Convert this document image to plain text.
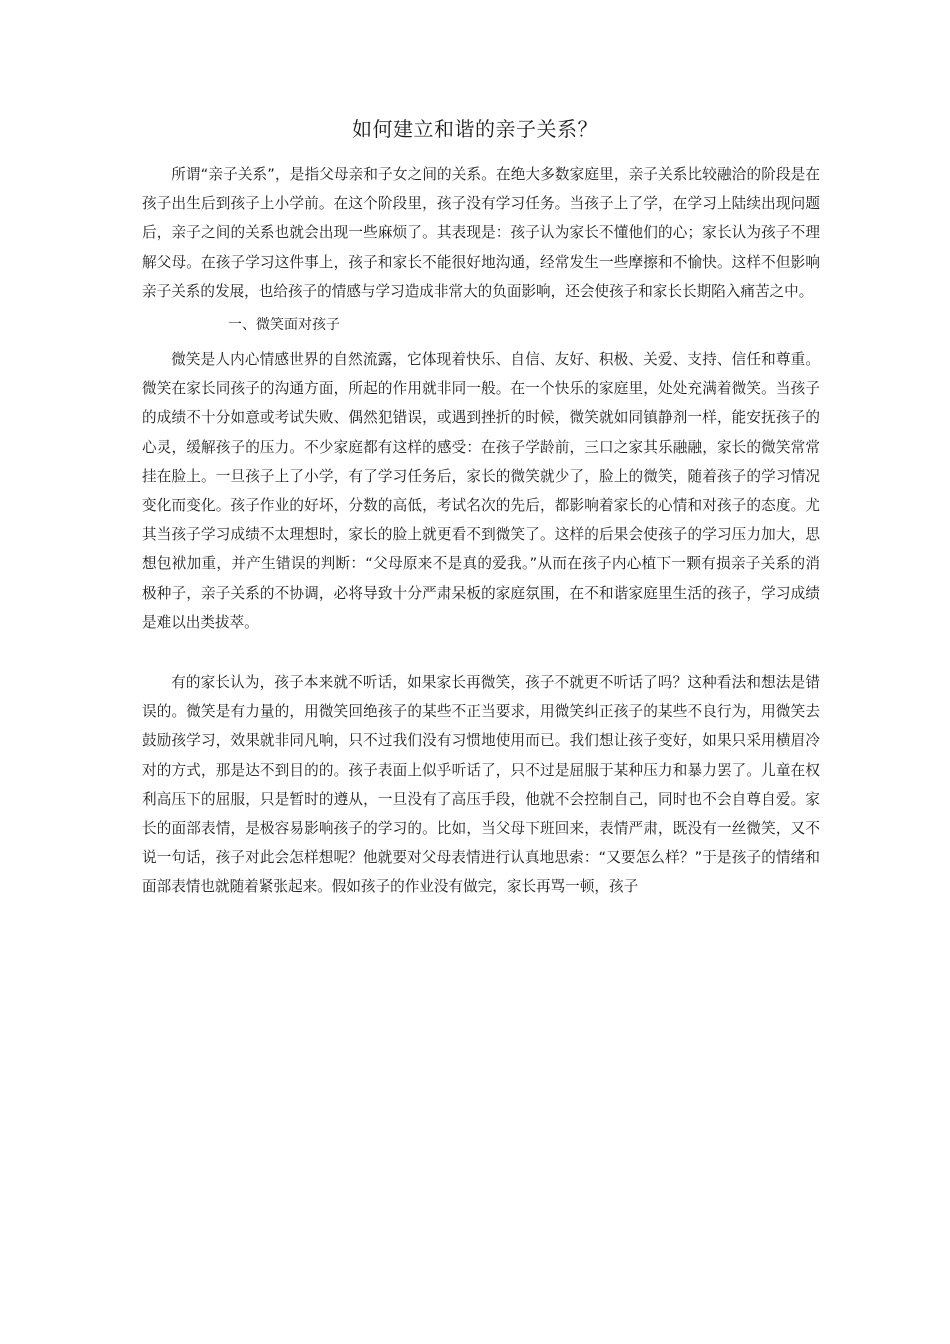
如何建立和谐的亲子关系？

所谓“亲子关系”，是指父母亲和子女之间的关系。在绝大多数家庭里，亲子关系比较融洽的阶段是在孩子出生后到孩子上小学前。在这个阶段里，孩子没有学习任务。当孩子上了学，在学习上陆续出现问题后，亲子之间的关系也就会出现一些麻烦了。其表现是：孩子认为家长不懂他们的心；家长认为孩子不理解父母。在孩子学习这件事上，孩子和家长不能很好地沟通，经常发生一些摩擦和不愉快。这样不但影响亲子关系的发展，也给孩子的情感与学习造成非常大的负面影响，还会使孩子和家长长期陷入痛苦之中。

一、微笑面对孩子

微笑是人内心情感世界的自然流露，它体现着快乐、自信、友好、积极、关爱、支持、信任和尊重。微笑在家长同孩子的沟通方面，所起的作用就非同一般。在一个快乐的家庭里，处处充满着微笑。当孩子的成绩不十分如意或考试失败、偶然犯错误，或遇到挫折的时候，微笑就如同镇静剂一样，能安抚孩子的心灵，缓解孩子的压力。不少家庭都有这样的感受：在孩子学龄前，三口之家其乐融融，家长的微笑常常挂在脸上。一旦孩子上了小学，有了学习任务后，家长的微笑就少了，脸上的微笑，随着孩子的学习情况变化而变化。孩子作业的好坏，分数的高低，考试名次的先后，都影响着家长的心情和对孩子的态度。尤其当孩子学习成绩不太理想时，家长的脸上就更看不到微笑了。这样的后果会使孩子的学习压力加大，思想包袱加重，并产生错误的判断：“父母原来不是真的爱我。”从而在孩子内心植下一颗有损亲子关系的消极种子，亲子关系的不协调，必将导致十分严肃呆板的家庭氛围，在不和谐家庭里生活的孩子，学习成绩是难以出类拔萃。

有的家长认为，孩子本来就不听话，如果家长再微笑，孩子不就更不听话了吗？这种看法和想法是错误的。微笑是有力量的，用微笑回绝孩子的某些不正当要求，用微笑纠正孩子的某些不良行为，用微笑去鼓励孩学习，效果就非同凡响，只不过我们没有习惯地使用而已。我们想让孩子变好，如果只采用横眉冷对的方式，那是达不到目的的。孩子表面上似乎听话了，只不过是屈服于某种压力和暴力罢了。儿童在权利高压下的屈服，只是暂时的遵从，一旦没有了高压手段，他就不会控制自己，同时也不会自尊自爱。家长的面部表情，是极容易影响孩子的学习的。比如，当父母下班回来，表情严肃，既没有一丝微笑，又不说一句话，孩子对此会怎样想呢？他就要对父母表情进行认真地思索：“又要怎么样？”于是孩子的情绪和面部表情也就随着紧张起来。假如孩子的作业没有做完，家长再骂一顿，孩子
